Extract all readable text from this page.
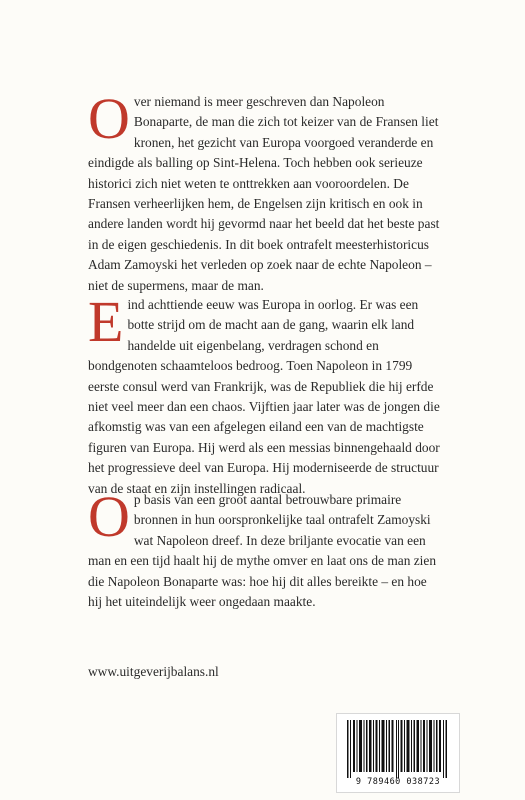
O ver niemand is meer geschreven dan Napoleon Bonaparte, de man die zich tot keizer van de Fransen liet kronen, het gezicht van Europa voorgoed veranderde en eindigde als balling op Sint-Helena. Toch hebben ook serieuze historici zich niet weten te onttrekken aan vooroordelen. De Fransen verheerlijken hem, de Engelsen zijn kritisch en ook in andere landen wordt hij gevormd naar het beeld dat het beste past in de eigen geschiedenis. In dit boek ontrafelt meesterhistoricus Adam Zamoyski het verleden op zoek naar de echte Napoleon – niet de supermens, maar de man.

E ind achttiende eeuw was Europa in oorlog. Er was een botte strijd om de macht aan de gang, waarin elk land handelde uit eigenbelang, verdragen schond en bondgenoten schaamteloos bedroog. Toen Napoleon in 1799 eerste consul werd van Frankrijk, was de Republiek die hij erfde niet veel meer dan een chaos. Vijftien jaar later was de jongen die afkomstig was van een afgelegen eiland een van de machtigste figuren van Europa. Hij werd als een messias binnengehaald door het progressieve deel van Europa. Hij moderniseerde de structuur van de staat en zijn instellingen radicaal.

O p basis van een groot aantal betrouwbare primaire bronnen in hun oorspronkelijke taal ontrafelt Zamoyski wat Napoleon dreef. In deze briljante evocatie van een man en een tijd haalt hij de mythe omver en laat ons de man zien die Napoleon Bonaparte was: hoe hij dit alles bereikte – en hoe hij het uiteindelijk weer ongedaan maakte.

www.uitgeverijbalans.nl
9 789460 038723
